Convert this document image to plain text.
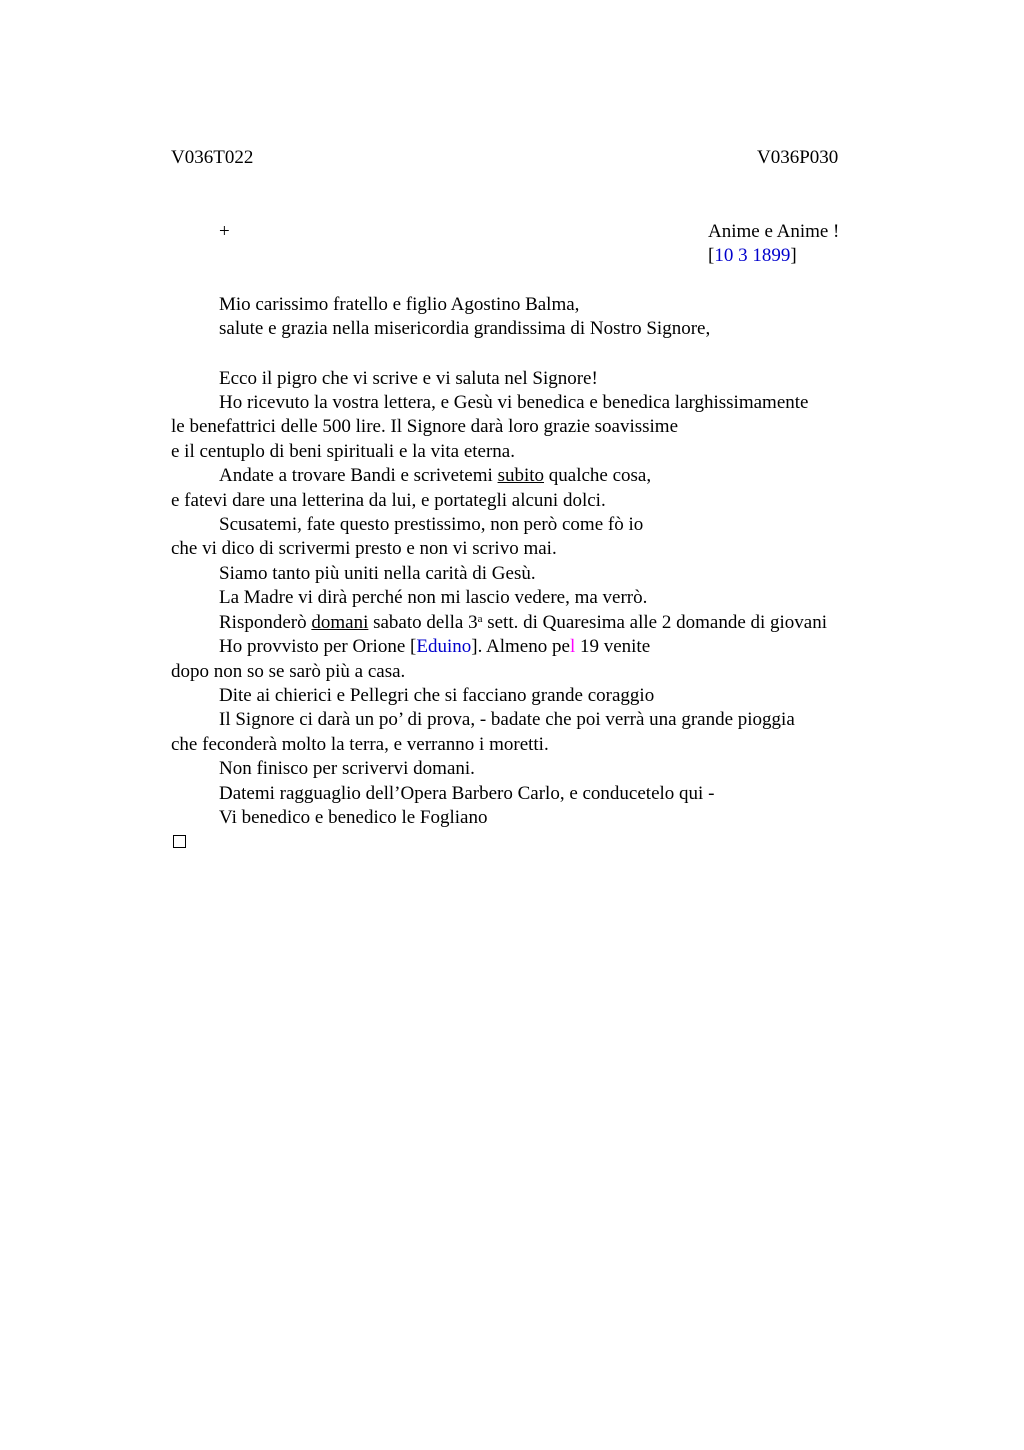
V036T022	V036P030
+	Anime e Anime !
[10 3 1899]
Mio carissimo fratello e figlio Agostino Balma,
salute e grazia nella misericordia grandissima di Nostro Signore,
Ecco il pigro che vi scrive e vi saluta nel Signore!
Ho ricevuto la vostra lettera, e Gesù vi benedica e benedica larghissimamente
le benefattrici delle 500 lire. Il Signore darà loro grazie soavissime
e il centuplo di beni spirituali e la vita eterna.
Andate a trovare Bandi e scrivetemi subito qualche cosa,
e fatevi dare una letterina da lui, e portategli alcuni dolci.
Scusatemi, fate questo prestissimo, non però come fò io
che vi dico di scrivermi presto e non vi scrivo mai.
Siamo tanto più uniti nella carità di Gesù.
La Madre vi dirà perché non mi lascio vedere, ma verrò.
Risponderò domani sabato della 3$^a$ sett. di Quaresima alle 2 domande di giovani
Ho provvisto per Orione [Eduino]. Almeno pel 19 venite
dopo non so se sarò più a casa.
Dite ai chierici e Pellegri che si facciano grande coraggio
Il Signore ci darà un po’ di prova, - badate che poi verrà una grande pioggia
che feconderà molto la terra, e verranno i moretti.
Non finisco per scrivervi domani.
Datemi ragguaglio dell’Opera Barbero Carlo, e conducetelo qui -
Vi benedico e benedico le Fogliano
